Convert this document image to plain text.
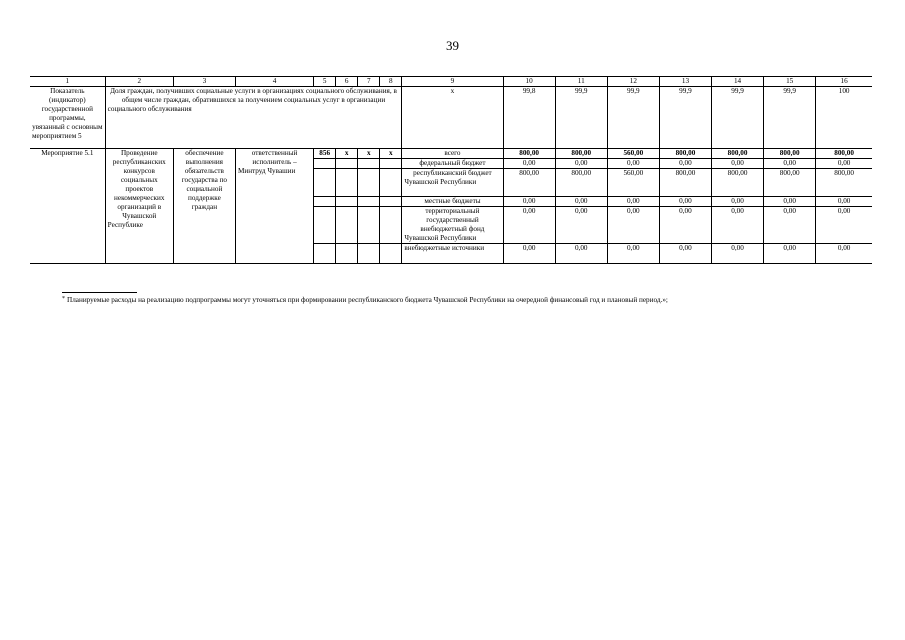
39
1	2	3	4	5	6	7	8	9	10	11	12	13	14	15	16
Показатель (индикатор) государственной программы, увязанный с основным мероприятием 5	Доля граждан, получивших социальные услуги в организациях социального обслуживания, в общем числе граждан, обратившихся за получением социальных услуг в организации социального обслуживания							x	99,8	99,9	99,9	99,9	99,9	99,9	100
Мероприятие 5.1	Проведение республиканских конкурсов социальных проектов некоммерческих организаций в Чувашской Республике	обеспечение выполнения обязательств государства по социальной поддержке граждан	ответственный исполнитель – Минтруд Чувашии	856	x	x	x	всего	800,00	800,00	560,00	800,00	800,00	800,00	800,00
								федеральный бюджет	0,00	0,00	0,00	0,00	0,00	0,00	0,00
								республиканский бюджет Чувашской Республики	800,00	800,00	560,00	800,00	800,00	800,00	800,00
								местные бюджеты	0,00	0,00	0,00	0,00	0,00	0,00	0,00
								территориальный государственный внебюджетный фонд Чувашской Республики	0,00	0,00	0,00	0,00	0,00	0,00	0,00
								внебюджетные источники	0,00	0,00	0,00	0,00	0,00	0,00	0,00
* Планируемые расходы на реализацию подпрограммы могут уточняться при формировании республиканского бюджета Чувашской Республики на очередной финансовый год и плановый период.»;
